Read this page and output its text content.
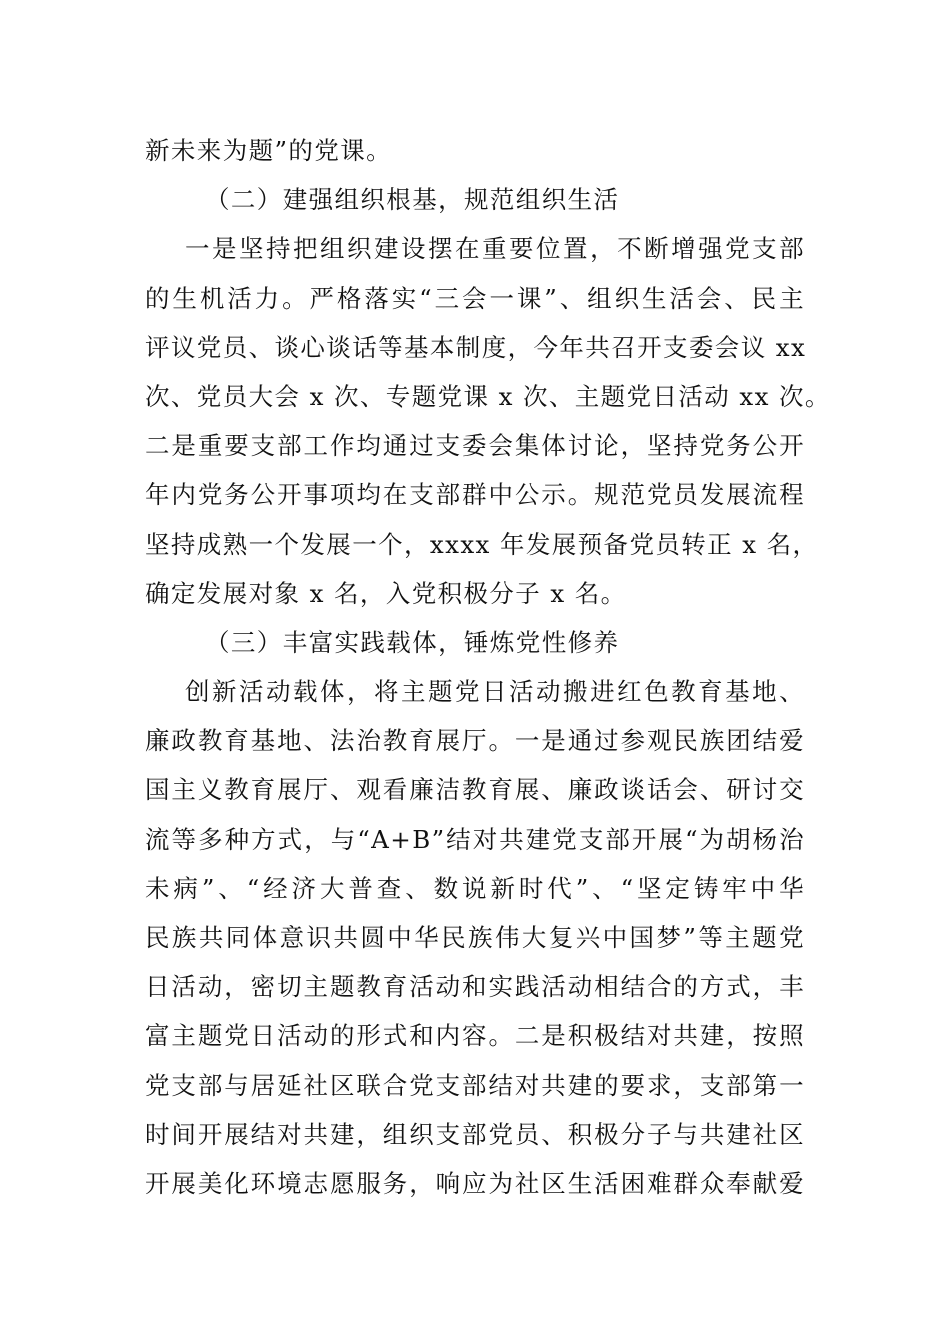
新未来为题”的党课。
（二）建强组织根基，规范组织生活
一是坚持把组织建设摆在重要位置，不断增强党支部
的生机活力。严格落实“三会一课”、组织生活会、民主
评议党员、谈心谈话等基本制度，今年共召开支委会议 xx
次、党员大会 x 次、专题党课 x 次、主题党日活动 xx 次。
二是重要支部工作均通过支委会集体讨论，坚持党务公开
年内党务公开事项均在支部群中公示。规范党员发展流程
坚持成熟一个发展一个，xxxx 年发展预备党员转正 x 名，
确定发展对象 x 名，入党积极分子 x 名。
（三）丰富实践载体，锤炼党性修养
创新活动载体，将主题党日活动搬进红色教育基地、
廉政教育基地、法治教育展厅。一是通过参观民族团结爱
国主义教育展厅、观看廉洁教育展、廉政谈话会、研讨交
流等多种方式，与“A+B”结对共建党支部开展“为胡杨治
未病”、“经济大普查、数说新时代”、“坚定铸牢中华
民族共同体意识共圆中华民族伟大复兴中国梦”等主题党
日活动，密切主题教育活动和实践活动相结合的方式，丰
富主题党日活动的形式和内容。二是积极结对共建，按照
党支部与居延社区联合党支部结对共建的要求，支部第一
时间开展结对共建，组织支部党员、积极分子与共建社区
开展美化环境志愿服务，响应为社区生活困难群众奉献爱
